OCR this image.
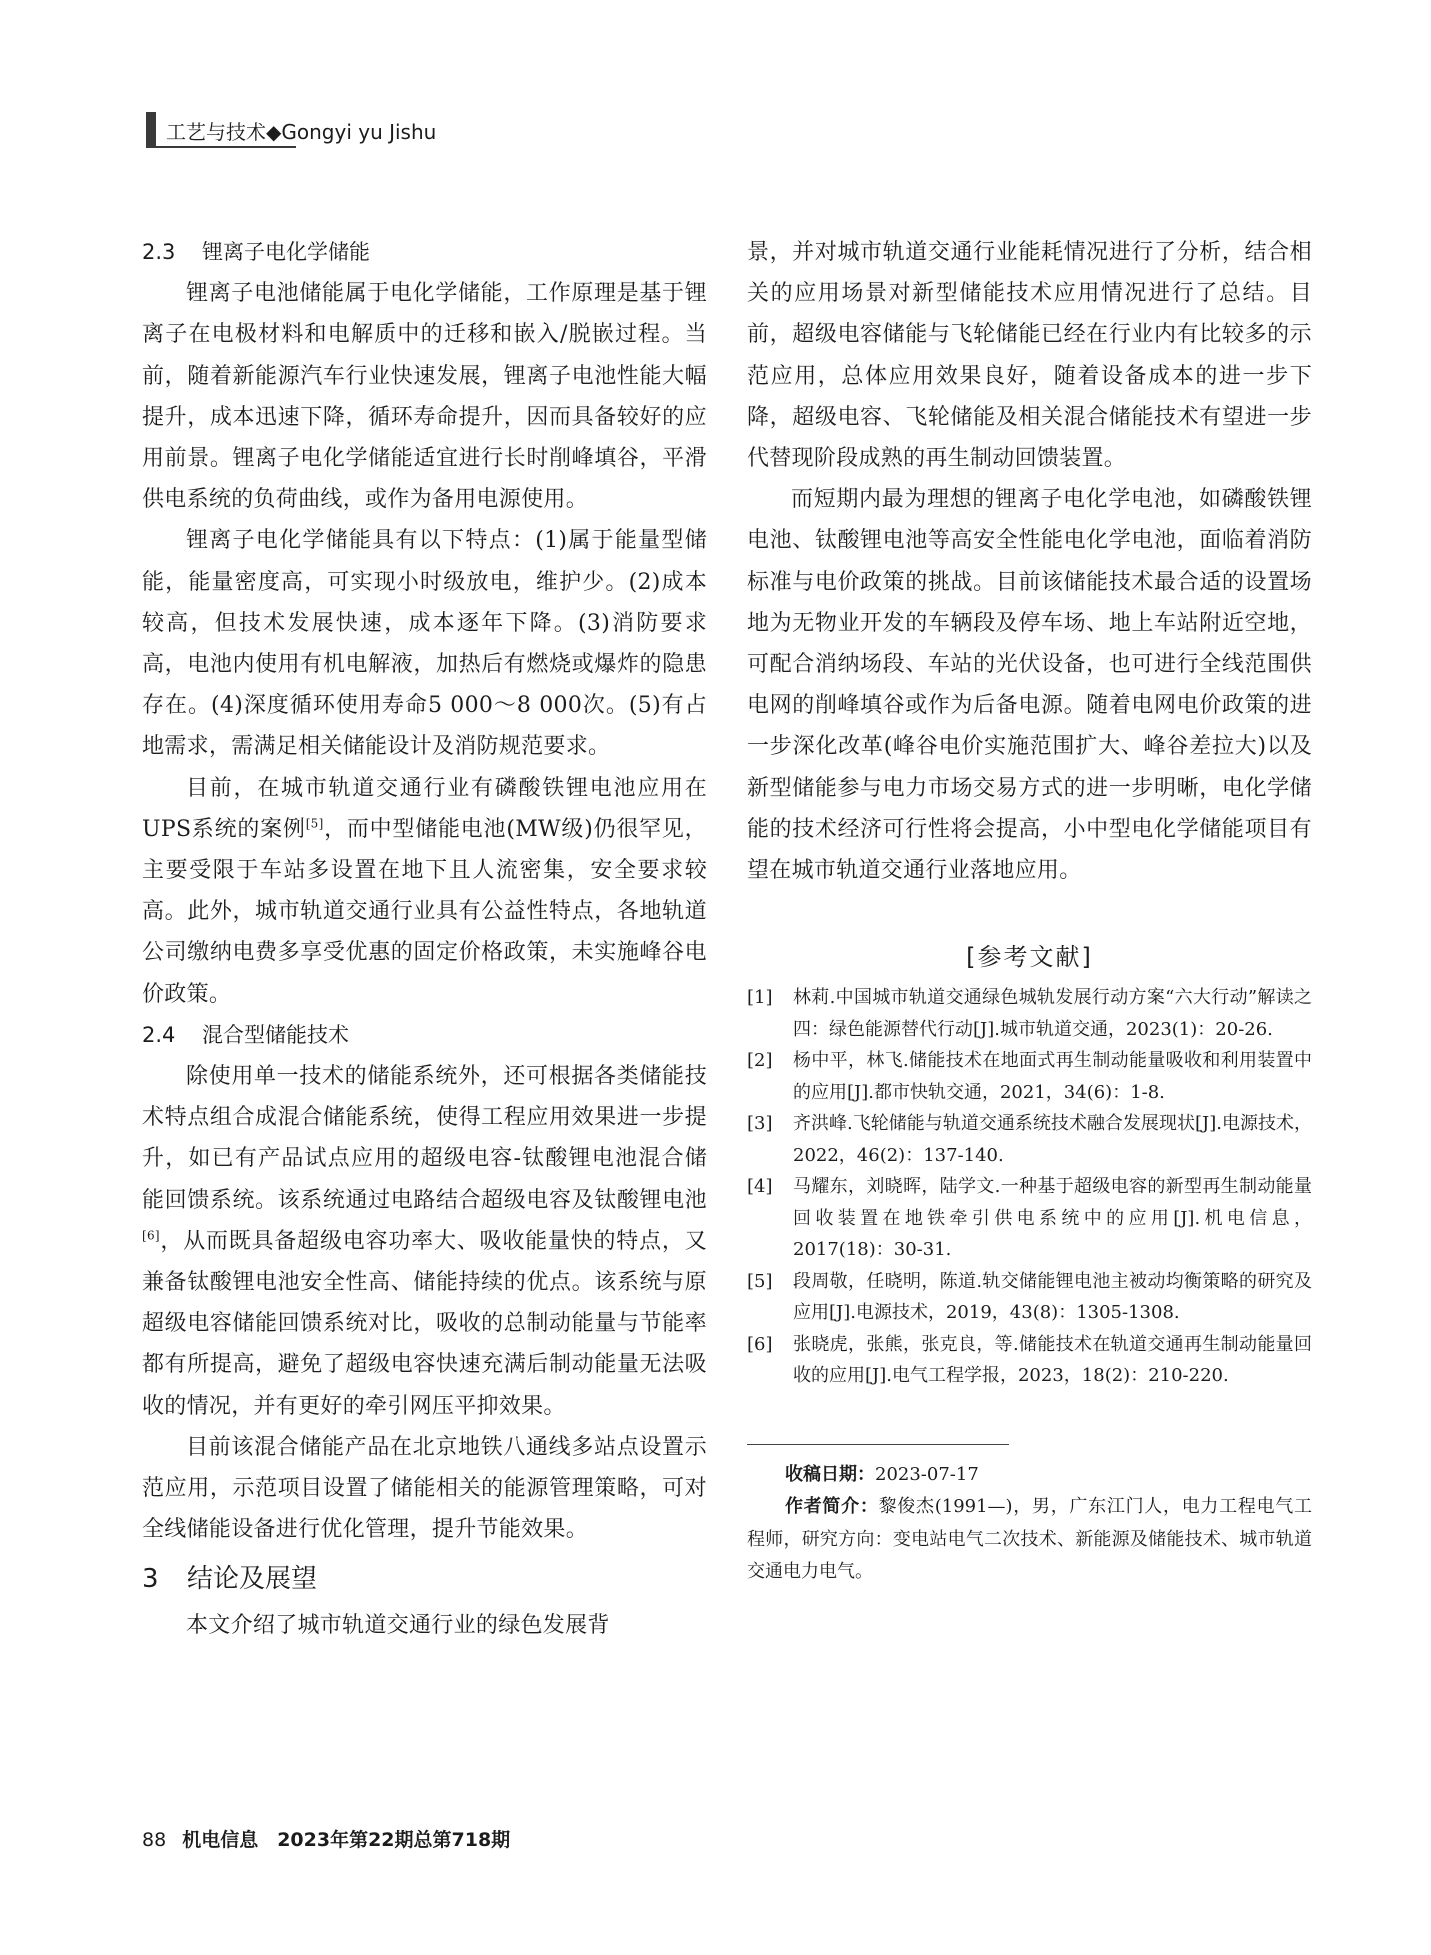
工艺与技术◆Gongyi yu Jishu
2.3 锂离子电化学储能

锂离子电池储能属于电化学储能，工作原理是基于锂离子在电极材料和电解质中的迁移和嵌入/脱嵌过程。当前，随着新能源汽车行业快速发展，锂离子电池性能大幅提升，成本迅速下降，循环寿命提升，因而具备较好的应用前景。锂离子电化学储能适宜进行长时削峰填谷，平滑供电系统的负荷曲线，或作为备用电源使用。

锂离子电化学储能具有以下特点：(1)属于能量型储能，能量密度高，可实现小时级放电，维护少。(2)成本较高，但技术发展快速，成本逐年下降。(3)消防要求高，电池内使用有机电解液，加热后有燃烧或爆炸的隐患存在。(4)深度循环使用寿命5 000～8 000次。(5)有占地需求，需满足相关储能设计及消防规范要求。

目前，在城市轨道交通行业有磷酸铁锂电池应用在UPS系统的案例[5]，而中型储能电池(MW级)仍很罕见，主要受限于车站多设置在地下且人流密集，安全要求较高。此外，城市轨道交通行业具有公益性特点，各地轨道公司缴纳电费多享受优惠的固定价格政策，未实施峰谷电价政策。

2.4 混合型储能技术

除使用单一技术的储能系统外，还可根据各类储能技术特点组合成混合储能系统，使得工程应用效果进一步提升，如已有产品试点应用的超级电容-钛酸锂电池混合储能回馈系统。该系统通过电路结合超级电容及钛酸锂电池[6]，从而既具备超级电容功率大、吸收能量快的特点，又兼备钛酸锂电池安全性高、储能持续的优点。该系统与原超级电容储能回馈系统对比，吸收的总制动能量与节能率都有所提高，避免了超级电容快速充满后制动能量无法吸收的情况，并有更好的牵引网压平抑效果。

目前该混合储能产品在北京地铁八通线多站点设置示范应用，示范项目设置了储能相关的能源管理策略，可对全线储能设备进行优化管理，提升节能效果。

3 结论及展望

本文介绍了城市轨道交通行业的绿色发展背

景，并对城市轨道交通行业能耗情况进行了分析，结合相关的应用场景对新型储能技术应用情况进行了总结。目前，超级电容储能与飞轮储能已经在行业内有比较多的示范应用，总体应用效果良好，随着设备成本的进一步下降，超级电容、飞轮储能及相关混合储能技术有望进一步代替现阶段成熟的再生制动回馈装置。

而短期内最为理想的锂离子电化学电池，如磷酸铁锂电池、钛酸锂电池等高安全性能电化学电池，面临着消防标准与电价政策的挑战。目前该储能技术最合适的设置场地为无物业开发的车辆段及停车场、地上车站附近空地，可配合消纳场段、车站的光伏设备，也可进行全线范围供电网的削峰填谷或作为后备电源。随着电网电价政策的进一步深化改革(峰谷电价实施范围扩大、峰谷差拉大)以及新型储能参与电力市场交易方式的进一步明晰，电化学储能的技术经济可行性将会提高，小中型电化学储能项目有望在城市轨道交通行业落地应用。

[参考文献]
[1]	林莉.中国城市轨道交通绿色城轨发展行动方案“六大行动”解读之四：绿色能源替代行动[J].城市轨道交通，2023(1)：20-26.
[2]	杨中平，林飞.储能技术在地面式再生制动能量吸收和利用装置中的应用[J].都市快轨交通，2021，34(6)：1-8.
[3]	齐洪峰.飞轮储能与轨道交通系统技术融合发展现状[J].电源技术，2022，46(2)：137-140.
[4]	马耀东，刘晓晖，陆学文.一种基于超级电容的新型再生制动能量回收装置在地铁牵引供电系统中的应用[J].机电信息，2017(18)：30-31.
[5]	段周敬，任晓明，陈道.轨交储能锂电池主被动均衡策略的研究及应用[J].电源技术，2019，43(8)：1305-1308.
[6]	张晓虎，张熊，张克良，等.储能技术在轨道交通再生制动能量回收的应用[J].电气工程学报，2023，18(2)：210-220.

收稿日期：2023-07-17

作者简介：黎俊杰(1991—)，男，广东江门人，电力工程电气工程师，研究方向：变电站电气二次技术、新能源及储能技术、城市轨道交通电力电气。

88 机电信息　2023年第22期总第718期
